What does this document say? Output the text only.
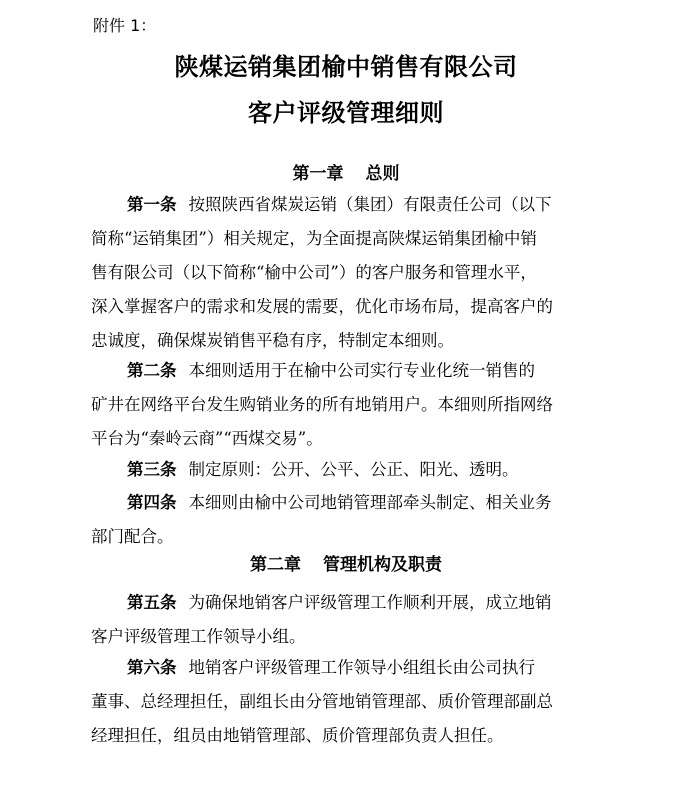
附件 1：
陕煤运销集团榆中销售有限公司
客户评级管理细则
第一章 总则
第一条 按照陕西省煤炭运销（集团）有限责任公司（以下
简称“运销集团”）相关规定，为全面提高陕煤运销集团榆中销
售有限公司（以下简称“榆中公司”）的客户服务和管理水平，
深入掌握客户的需求和发展的需要，优化市场布局，提高客户的
忠诚度，确保煤炭销售平稳有序，特制定本细则。
第二条 本细则适用于在榆中公司实行专业化统一销售的
矿井在网络平台发生购销业务的所有地销用户。本细则所指网络
平台为“秦岭云商”“西煤交易”。
第三条 制定原则：公开、公平、公正、阳光、透明。
第四条 本细则由榆中公司地销管理部牵头制定、相关业务
部门配合。
第二章 管理机构及职责
第五条 为确保地销客户评级管理工作顺利开展，成立地销
客户评级管理工作领导小组。
第六条 地销客户评级管理工作领导小组组长由公司执行
董事、总经理担任，副组长由分管地销管理部、质价管理部副总
经理担任，组员由地销管理部、质价管理部负责人担任。
